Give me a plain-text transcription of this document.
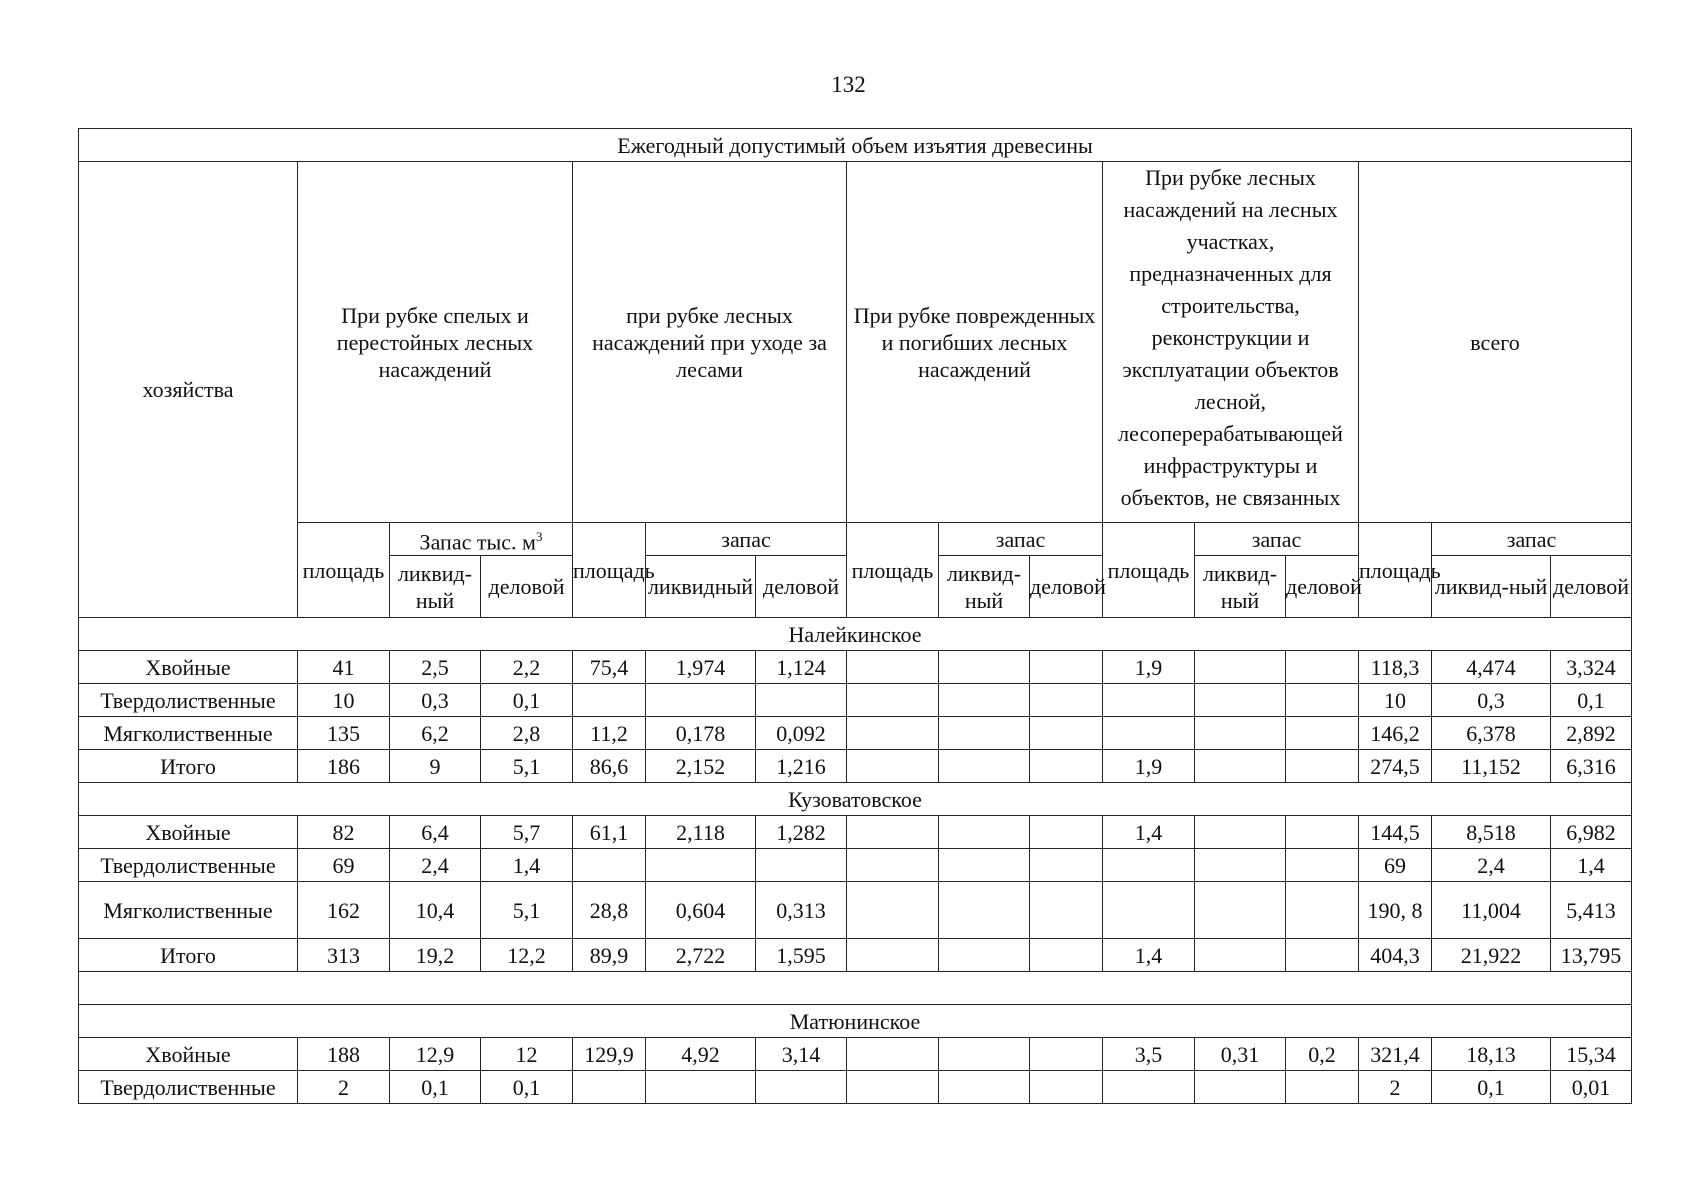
132
Ежегодный допустимый объем изъятия древесины															
хозяйства	При рубке спелых и перестойных лесных насаждений			при рубке лесных насаждений при уходе за лесами			При рубке поврежденных и погибших лесных насаждений			При рубке лесных насаждений на лесных участках, предназначенных для строительства, реконструкции и эксплуатации объектов лесной, лесоперерабатывающей инфраструктуры и объектов, не связанных			всего		

	площадь	Запас тыс. $м^3$		площадь	запас		площадь	запас		площадь	запас		площадь	запас	
		ликвид-ный	деловой		ликвидный	деловой		ликвид-ный	деловой		ликвид-ный	деловой		ликвид-ный	деловой

Налейкинское															
Хвойные	41	2,5	2,2	75,4	1,974	1,124				1,9			118,3	4,474	3,324
Твердолиственные	10	0,3	0,1										10	0,3	0,1
Мягколиственные	135	6,2	2,8	11,2	0,178	0,092							146,2	6,378	2,892
Итого	186	9	5,1	86,6	2,152	1,216				1,9			274,5	11,152	6,316
Кузоватовское															
Хвойные	82	6,4	5,7	61,1	2,118	1,282				1,4			144,5	8,518	6,982
Твердолиственные	69	2,4	1,4										69	2,4	1,4
Мягколиственные	162	10,4	5,1	28,8	0,604	0,313							190, 8	11,004	5,413
Итого	313	19,2	12,2	89,9	2,722	1,595				1,4			404,3	21,922	13,795

Матюнинское															
Хвойные	188	12,9	12	129,9	4,92	3,14				3,5	0,31	0,2	321,4	18,13	15,34
Твердолиственные	2	0,1	0,1										2	0,1	0,01
